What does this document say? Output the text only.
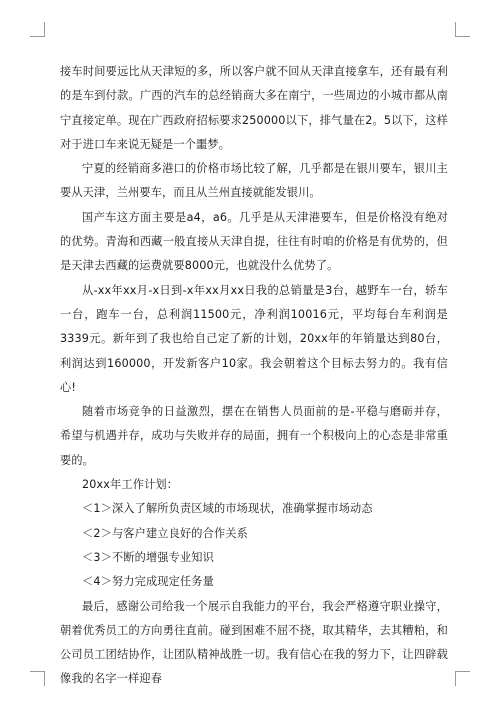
接车时间要远比从天津短的多，所以客户就不回从天津直接拿车，还有最有利的是车到付款。广西的汽车的总经销商大多在南宁，一些周边的小城市都从南宁直接定单。现在广西政府招标要求250000以下，排气量在2。5以下，这样对于进口车来说无疑是一个噩梦。

宁夏的经销商多港口的价格市场比较了解，几乎都是在银川要车，银川主要从天津，兰州要车，而且从兰州直接就能发银川。

国产车这方面主要是a4，a6。几乎是从天津港要车，但是价格没有绝对的优势。青海和西藏一般直接从天津自提，往往有时咱的价格是有优势的，但是天津去西藏的运费就要8000元，也就没什么优势了。

从-xx年xx月-x日到-x年xx月xx日我的总销量是3台，越野车一台，轿车一台，跑车一台，总利润11500元，净利润10016元，平均每台车利润是3339元。新年到了我也给自己定了新的计划，20xx年的年销量达到80台，利润达到160000，开发新客户10家。我会朝着这个目标去努力的。我有信心!

随着市场竞争的日益激烈，摆在在销售人员面前的是-平稳与磨砺并存，希望与机遇并存，成功与失败并存的局面，拥有一个积极向上的心态是非常重要的。

20xx年工作计划：

＜1＞深入了解所负责区域的市场现状，准确掌握市场动态

＜2＞与客户建立良好的合作关系

＜3＞不断的增强专业知识

＜4＞努力完成现定任务量

最后，感谢公司给我一个展示自我能力的平台，我会严格遵守职业操守，朝着优秀员工的方向勇往直前。碰到困难不屈不挠，取其精华，去其糟粕，和公司员工团结协作，让团队精神战胜一切。我有信心在我的努力下，让四辟载像我的名字一样迎春
